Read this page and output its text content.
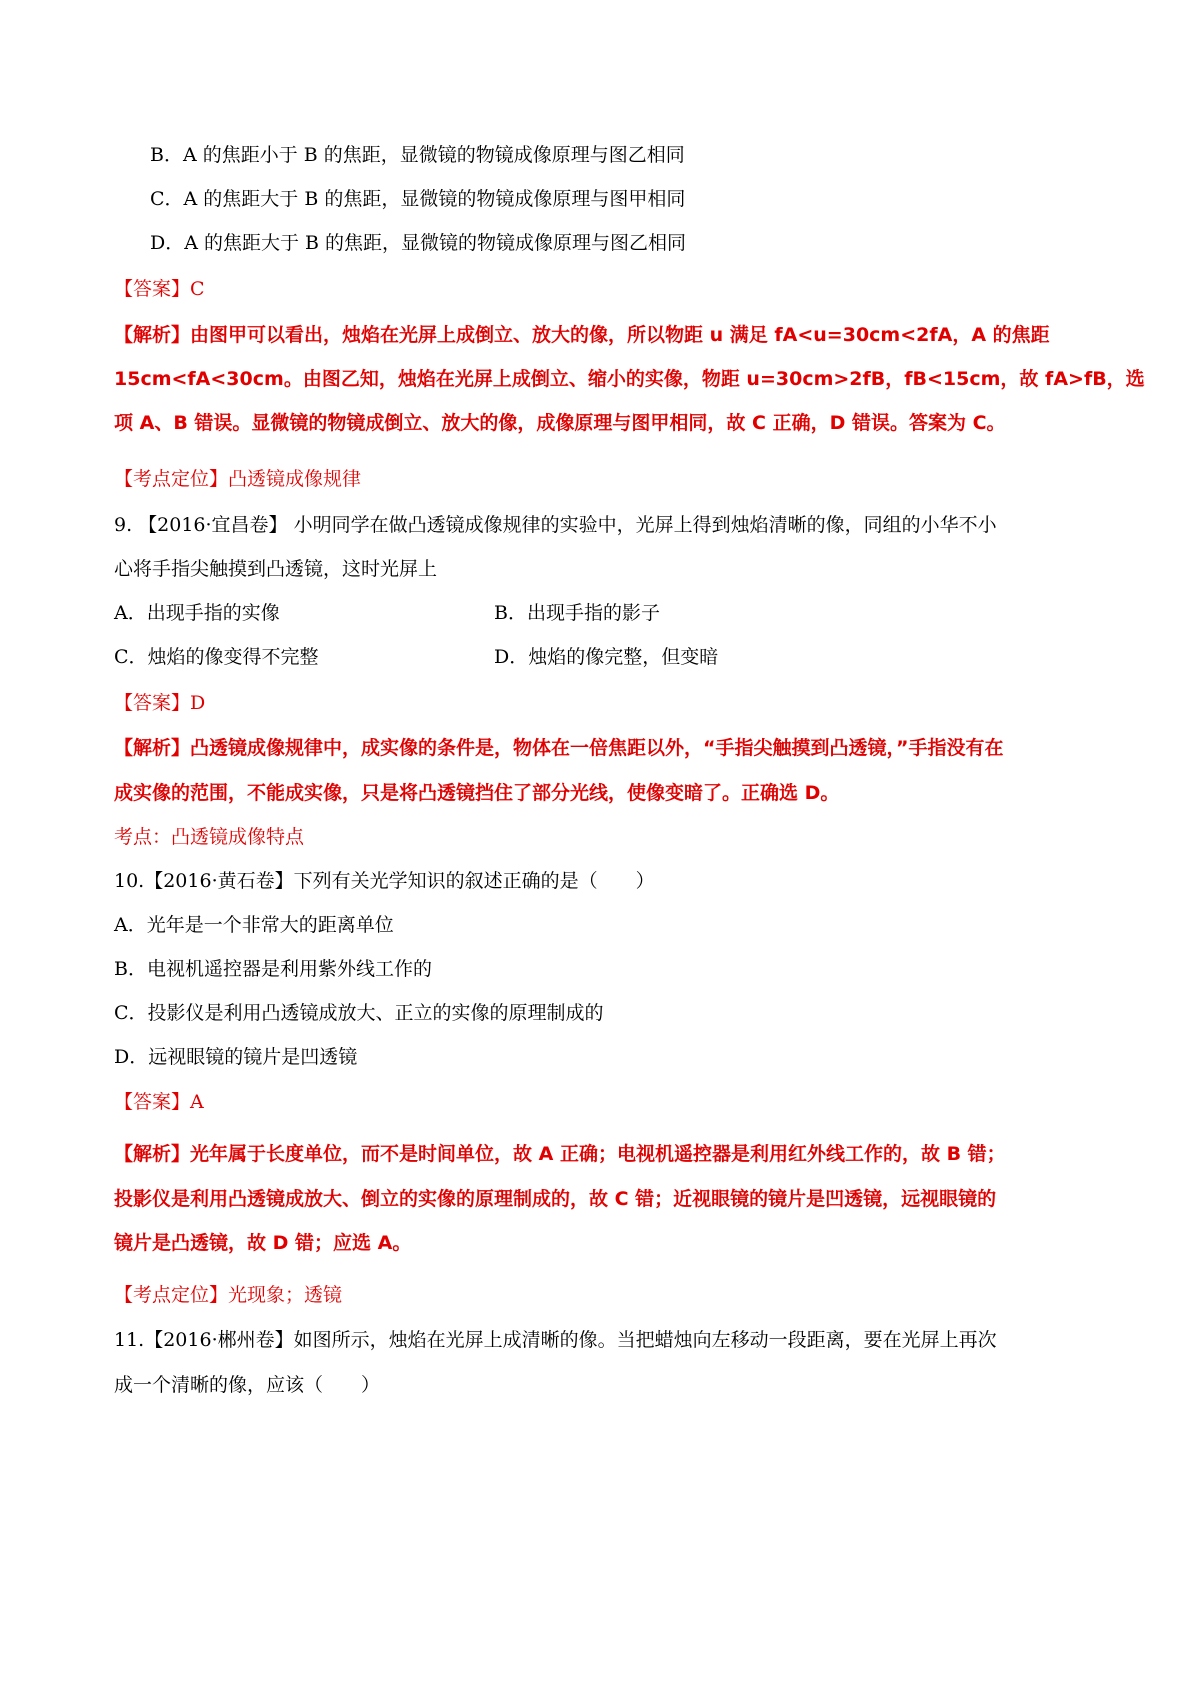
B．A 的焦距小于 B 的焦距，显微镜的物镜成像原理与图乙相同
C．A 的焦距大于 B 的焦距，显微镜的物镜成像原理与图甲相同
D．A 的焦距大于 B 的焦距，显微镜的物镜成像原理与图乙相同
【答案】C
【解析】由图甲可以看出，烛焰在光屏上成倒立、放大的像，所以物距 u 满足 fA<u=30cm<2fA，A 的焦距
15cm<fA<30cm。由图乙知，烛焰在光屏上成倒立、缩小的实像，物距 u=30cm>2fB，fB<15cm，故 fA>fB，选
项 A、B 错误。显微镜的物镜成倒立、放大的像，成像原理与图甲相同，故 C 正确，D 错误。答案为 C。
【考点定位】凸透镜成像规律
9. 【2016·宜昌卷】 小明同学在做凸透镜成像规律的实验中，光屏上得到烛焰清晰的像，同组的小华不小
心将手指尖触摸到凸透镜，这时光屏上
A．出现手指的实像	B．出现手指的影子
C．烛焰的像变得不完整	D．烛焰的像完整，但变暗
【答案】D
【解析】凸透镜成像规律中，成实像的条件是，物体在一倍焦距以外，“手指尖触摸到凸透镜，”手指没有在
成实像的范围，不能成实像，只是将凸透镜挡住了部分光线，使像变暗了。正确选 D。
考点：凸透镜成像特点
10.【2016·黄石卷】下列有关光学知识的叙述正确的是（　　）
A．光年是一个非常大的距离单位
B．电视机遥控器是利用紫外线工作的
C．投影仪是利用凸透镜成放大、正立的实像的原理制成的
D．远视眼镜的镜片是凹透镜
【答案】A
【解析】光年属于长度单位，而不是时间单位，故 A 正确；电视机遥控器是利用红外线工作的，故 B 错；
投影仪是利用凸透镜成放大、倒立的实像的原理制成的，故 C 错；近视眼镜的镜片是凹透镜，远视眼镜的
镜片是凸透镜，故 D 错；应选 A。
【考点定位】光现象；透镜
11.【2016·郴州卷】如图所示，烛焰在光屏上成清晰的像。当把蜡烛向左移动一段距离，要在光屏上再次
成一个清晰的像，应该（　　）
